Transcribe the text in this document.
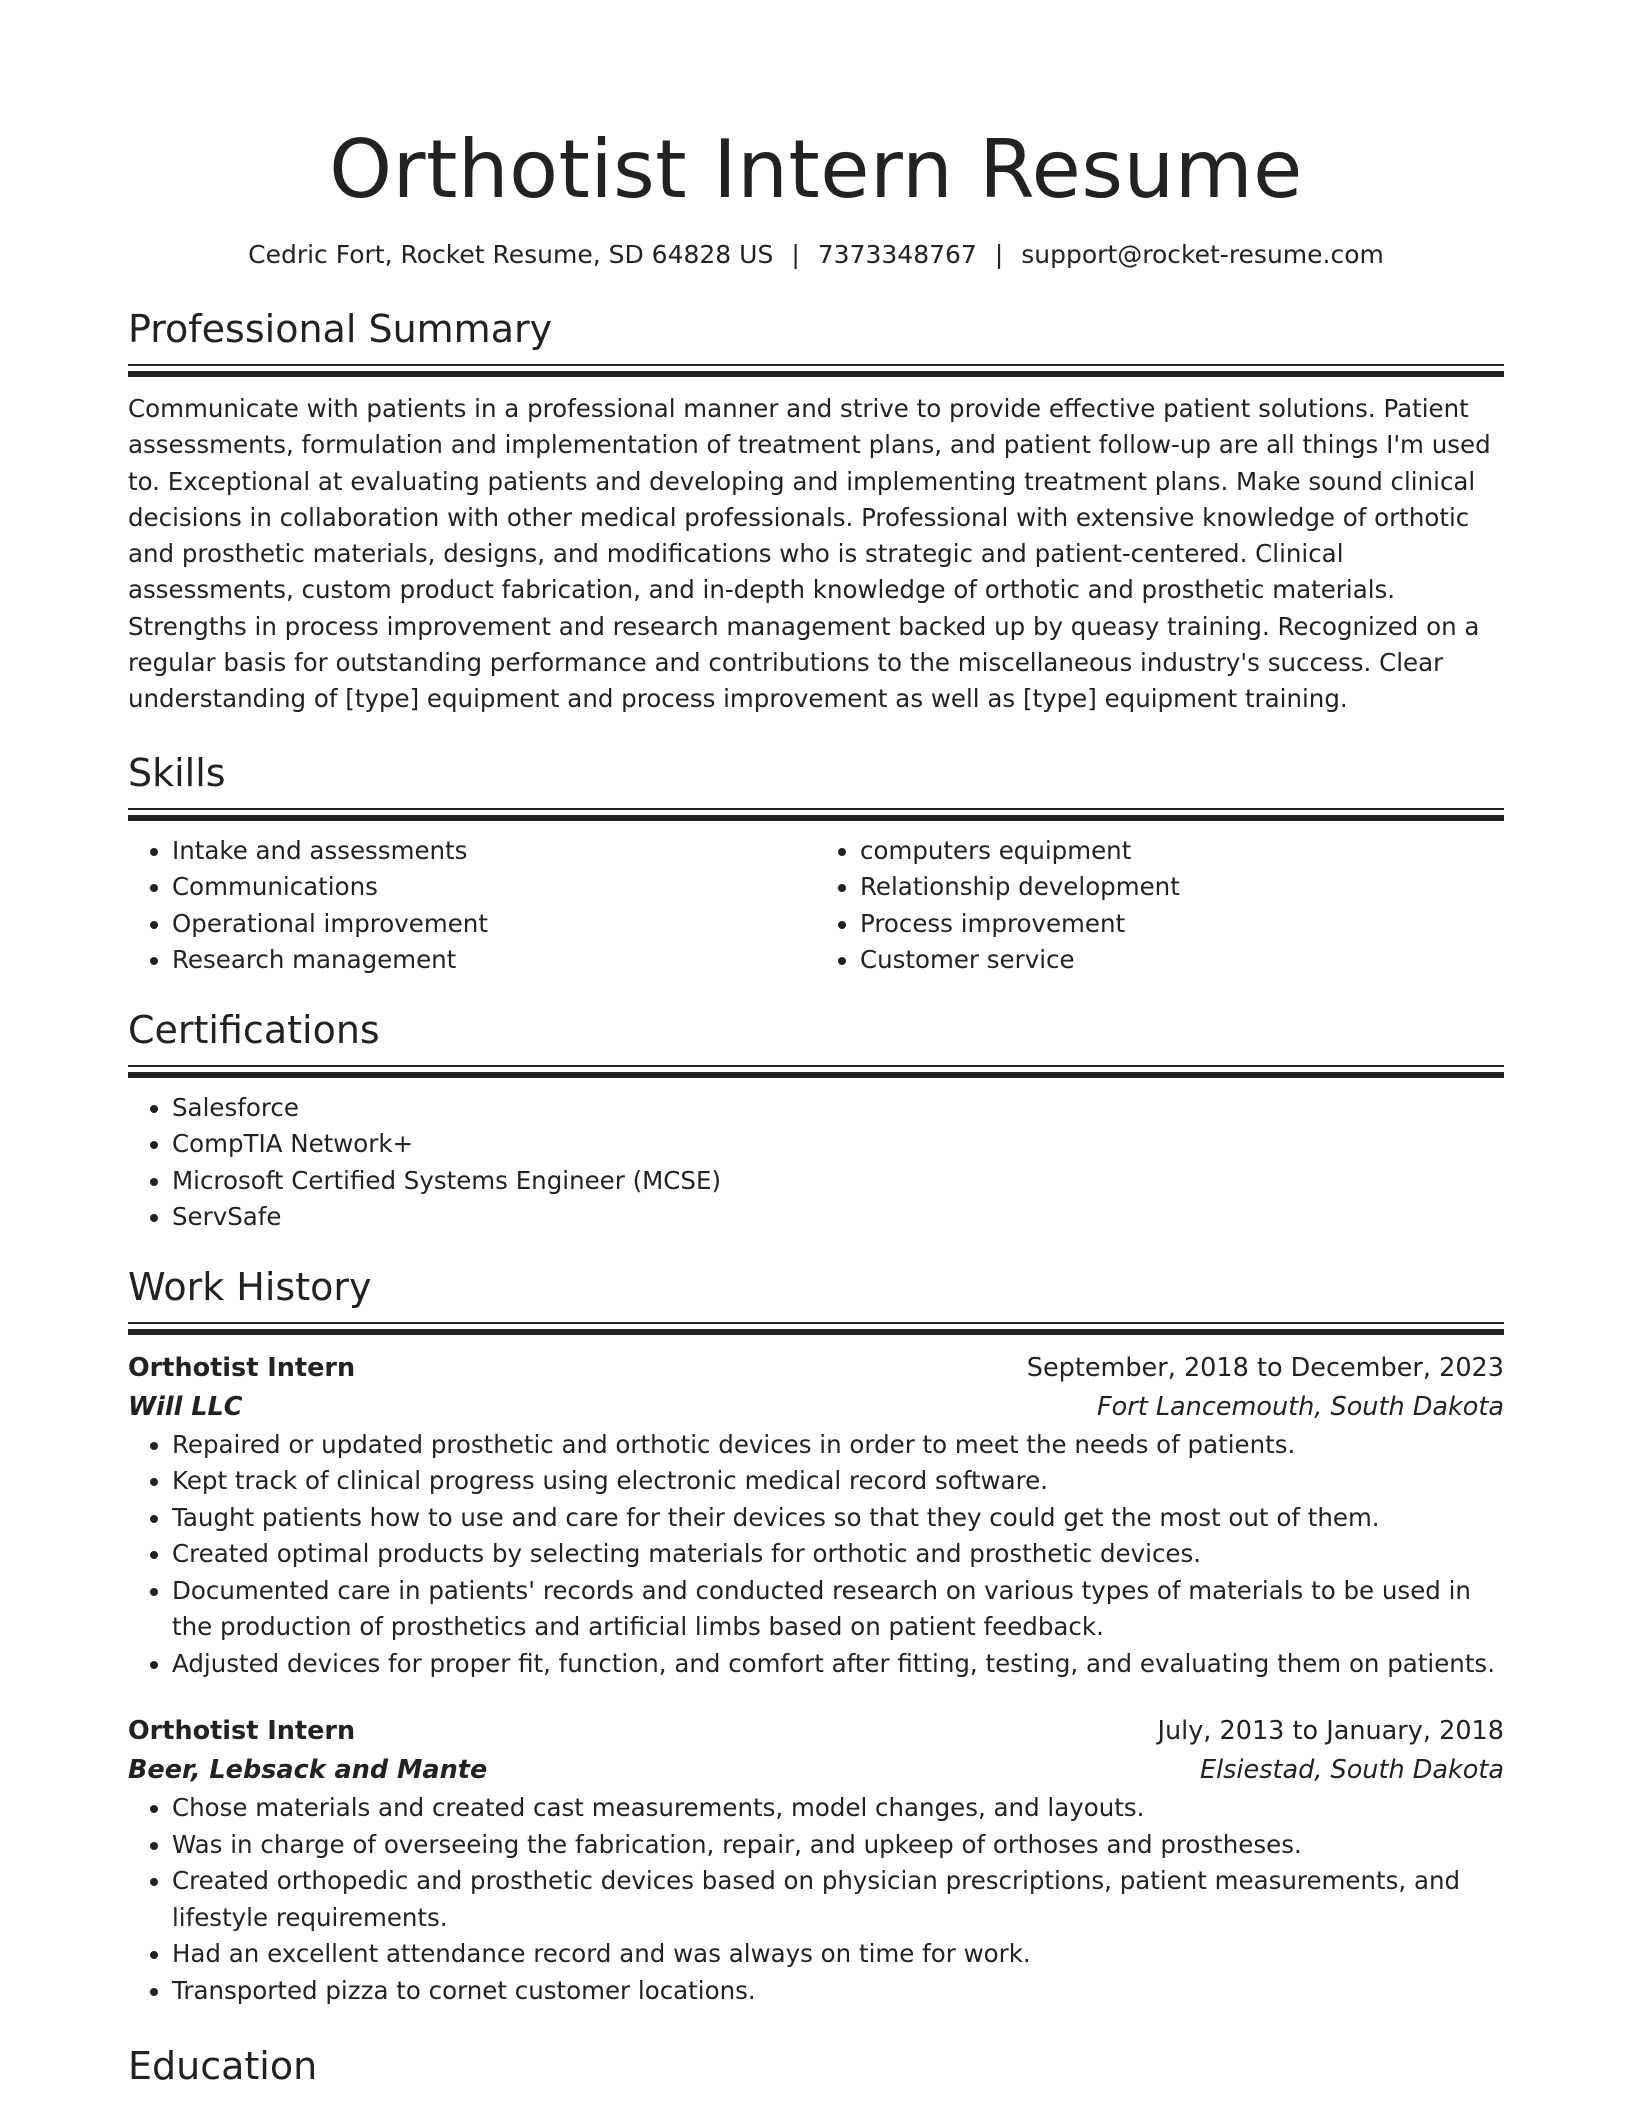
Orthotist Intern Resume
Cedric Fort, Rocket Resume, SD 64828 US | 7373348767 | support@rocket-resume.com
Professional Summary
Communicate with patients in a professional manner and strive to provide effective patient solutions. Patient assessments, formulation and implementation of treatment plans, and patient follow-up are all things I'm used to. Exceptional at evaluating patients and developing and implementing treatment plans. Make sound clinical decisions in collaboration with other medical professionals. Professional with extensive knowledge of orthotic and prosthetic materials, designs, and modifications who is strategic and patient-centered. Clinical assessments, custom product fabrication, and in-depth knowledge of orthotic and prosthetic materials. Strengths in process improvement and research management backed up by queasy training. Recognized on a regular basis for outstanding performance and contributions to the miscellaneous industry's success. Clear understanding of [type] equipment and process improvement as well as [type] equipment training.
Skills
• Intake and assessments
• Communications
• Operational improvement
• Research management
• computers equipment
• Relationship development
• Process improvement
• Customer service
Certifications
• Salesforce
• CompTIA Network+
• Microsoft Certified Systems Engineer (MCSE)
• ServSafe
Work History
Orthotist Intern	September, 2018 to December, 2023
Will LLC	Fort Lancemouth, South Dakota
• Repaired or updated prosthetic and orthotic devices in order to meet the needs of patients.
• Kept track of clinical progress using electronic medical record software.
• Taught patients how to use and care for their devices so that they could get the most out of them.
• Created optimal products by selecting materials for orthotic and prosthetic devices.
• Documented care in patients' records and conducted research on various types of materials to be used in the production of prosthetics and artificial limbs based on patient feedback.
• Adjusted devices for proper fit, function, and comfort after fitting, testing, and evaluating them on patients.
Orthotist Intern	July, 2013 to January, 2018
Beer, Lebsack and Mante	Elsiestad, South Dakota
• Chose materials and created cast measurements, model changes, and layouts.
• Was in charge of overseeing the fabrication, repair, and upkeep of orthoses and prostheses.
• Created orthopedic and prosthetic devices based on physician prescriptions, patient measurements, and lifestyle requirements.
• Had an excellent attendance record and was always on time for work.
• Transported pizza to cornet customer locations.
Education
